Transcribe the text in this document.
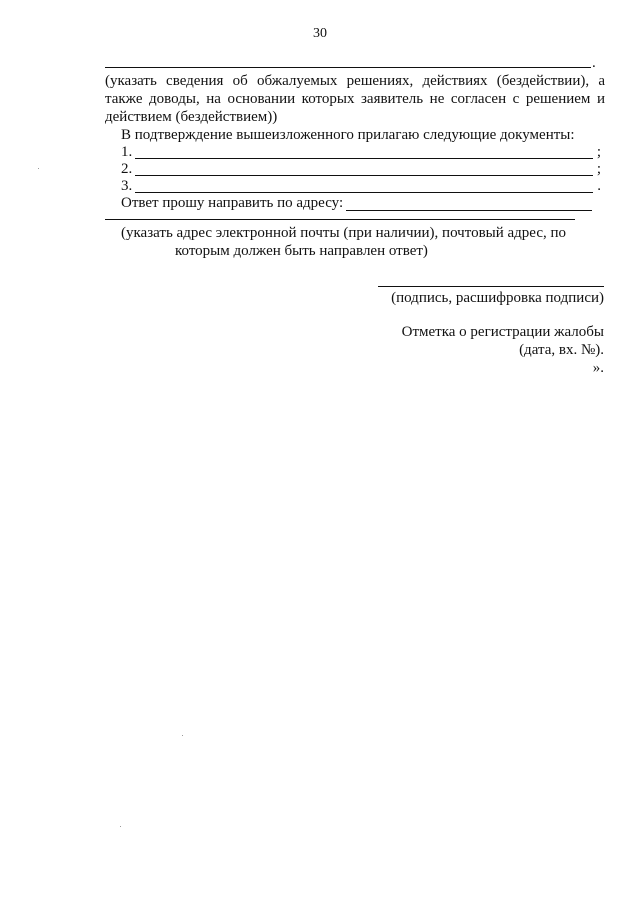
30
.
(указать сведения об обжалуемых решениях, действиях (бездействии), а
также доводы, на основании которых заявитель не согласен с решением и
действием (бездействием))
В подтверждение вышеизложенного прилагаю следующие документы:
1.	;
2.	;
3.	.
Ответ прошу направить по адресу:
(указать адрес электронной почты (при наличии), почтовый адрес, по
которым должен быть направлен ответ)
(подпись, расшифровка подписи)
Отметка о регистрации жалобы
(дата, вх. №).
».
